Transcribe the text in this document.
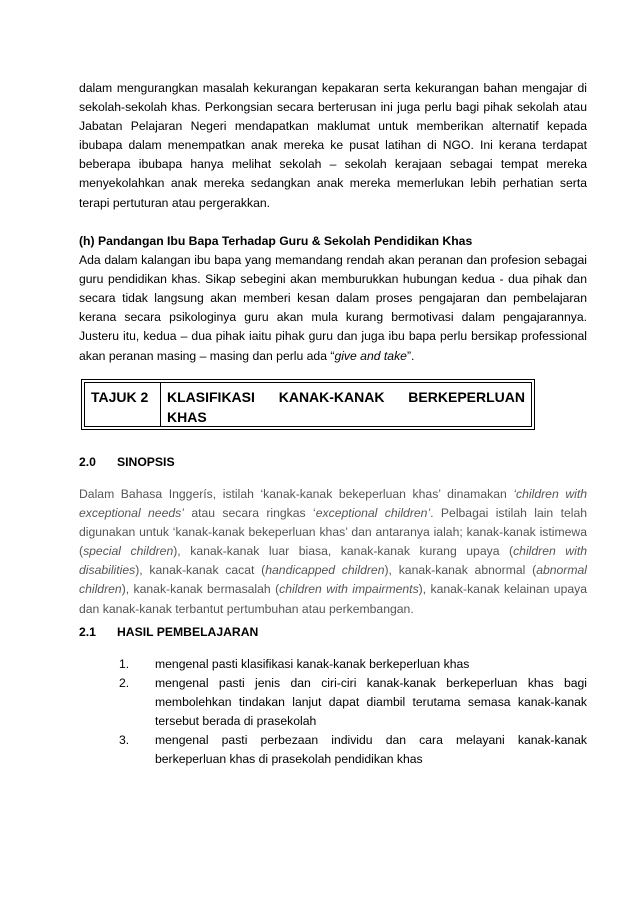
dalam mengurangkan masalah kekurangan kepakaran serta kekurangan bahan mengajar di sekolah-sekolah khas. Perkongsian secara berterusan ini juga perlu bagi pihak sekolah atau Jabatan Pelajaran Negeri mendapatkan maklumat untuk memberikan alternatif kepada ibubapa dalam menempatkan anak mereka ke pusat latihan di NGO. Ini kerana terdapat beberapa ibubapa hanya melihat sekolah – sekolah kerajaan sebagai tempat mereka menyekolahkan anak mereka sedangkan anak mereka memerlukan lebih perhatian serta terapi pertuturan atau pergerakkan.

(h) Pandangan Ibu Bapa Terhadap Guru & Sekolah Pendidikan Khas

Ada dalam kalangan ibu bapa yang memandang rendah akan peranan dan profesion sebagai guru pendidikan khas. Sikap sebegini akan memburukkan hubungan kedua - dua pihak dan secara tidak langsung akan memberi kesan dalam proses pengajaran dan pembelajaran kerana secara psikologinya guru akan mula kurang bermotivasi dalam pengajarannya. Justeru itu, kedua – dua pihak iaitu pihak guru dan juga ibu bapa perlu bersikap professional akan peranan masing – masing dan perlu ada “give and take”.

TAJUK 2	KLASIFIKASI KANAK-KANAK BERKEPERLUAN KHAS
2.0 SINOPSIS

Dalam Bahasa Inggerís, istilah ‘kanak-kanak bekeperluan khas’ dinamakan ‘children with exceptional needs’ atau secara ringkas ‘exceptional children’. Pelbagai istilah lain telah digunakan untuk ‘kanak-kanak bekeperluan khas’ dan antaranya ialah; kanak-kanak istimewa (special children), kanak-kanak luar biasa, kanak-kanak kurang upaya (children with disabilities), kanak-kanak cacat (handicapped children), kanak-kanak abnormal (abnormal children), kanak-kanak bermasalah (children with impairments), kanak-kanak kelainan upaya dan kanak-kanak terbantut pertumbuhan atau perkembangan.

2.1 HASIL PEMBELAJARAN
1.	mengenal pasti klasifikasi kanak-kanak berkeperluan khas
2.	mengenal pasti jenis dan ciri-ciri kanak-kanak berkeperluan khas bagi membolehkan tindakan lanjut dapat diambil terutama semasa kanak-kanak tersebut berada di prasekolah
3.	mengenal pasti perbezaan individu dan cara melayani kanak-kanak berkeperluan khas di prasekolah pendidikan khas
